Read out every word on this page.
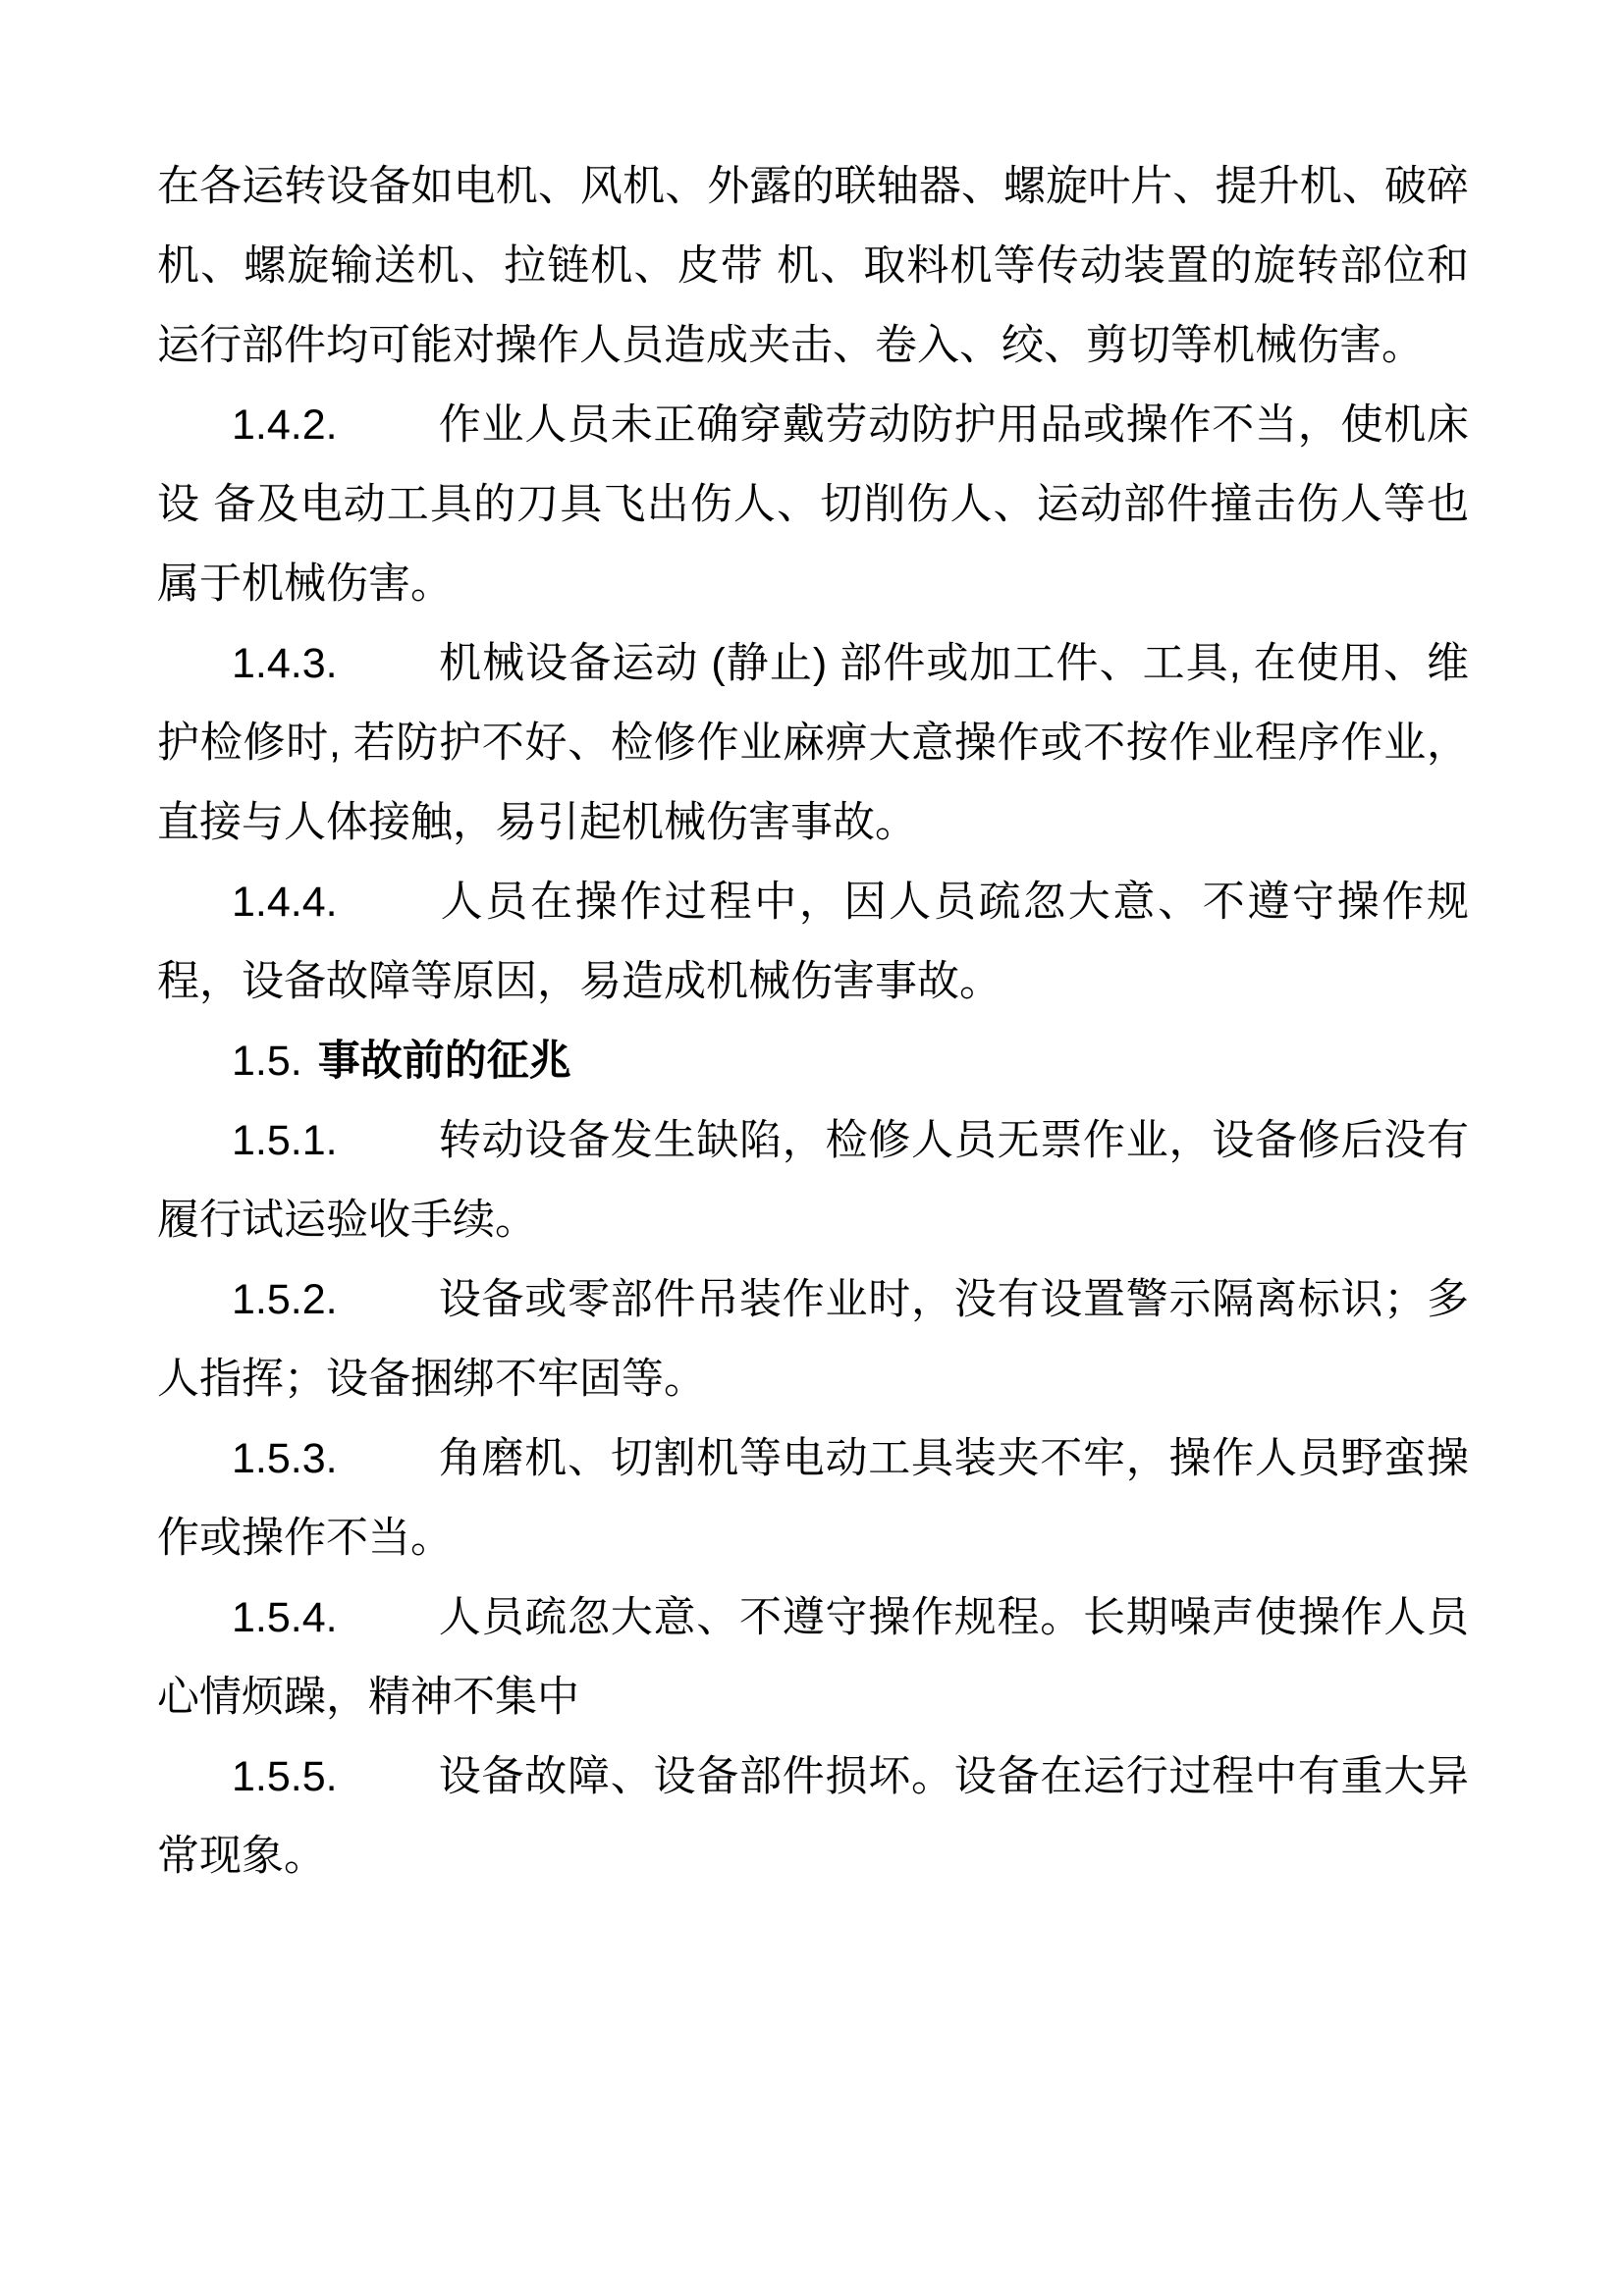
在各运转设备如电机、风机、外露的联轴器、螺旋叶片、提升机、破碎机、螺旋输送机、拉链机、皮带 机、取料机等传动装置的旋转部位和运行部件均可能对操作人员造成夹击、卷入、绞、剪切等机械伤害。

1.4.2. 作业人员未正确穿戴劳动防护用品或操作不当，使机床设 备及电动工具的刀具飞出伤人、切削伤人、运动部件撞击伤人等也属于机械伤害。

1.4.3. 机械设备运动 (静止) 部件或加工件、工具, 在使用、维护检修时, 若防护不好、检修作业麻痹大意操作或不按作业程序作业，直接与人体接触，易引起机械伤害事故。

1.4.4. 人员在操作过程中，因人员疏忽大意、不遵守操作规程，设备故障等原因，易造成机械伤害事故。

1.5. 事故前的征兆

1.5.1. 转动设备发生缺陷，检修人员无票作业，设备修后没有履行试运验收手续。

1.5.2. 设备或零部件吊装作业时，没有设置警示隔离标识；多人指挥；设备捆绑不牢固等。

1.5.3. 角磨机、切割机等电动工具装夹不牢，操作人员野蛮操作或操作不当。

1.5.4. 人员疏忽大意、不遵守操作规程。长期噪声使操作人员心情烦躁，精神不集中

1.5.5. 设备故障、设备部件损坏。设备在运行过程中有重大异常现象。
